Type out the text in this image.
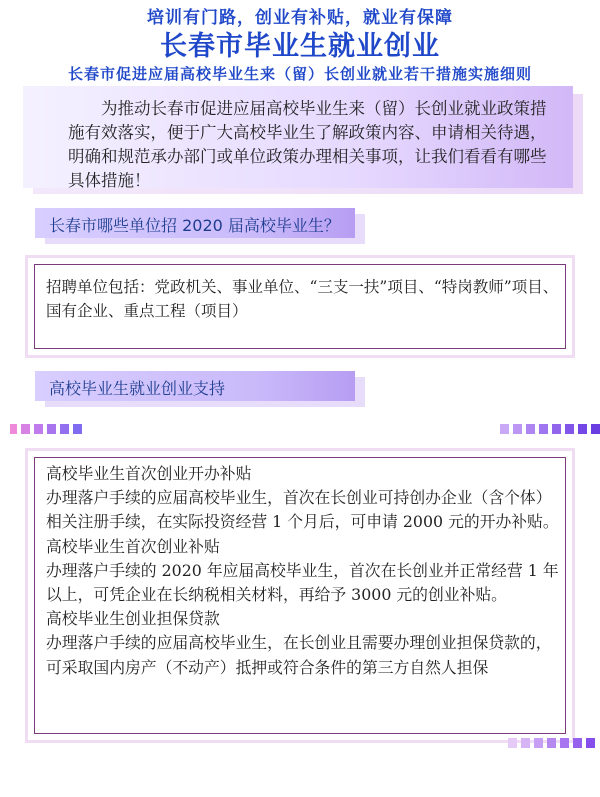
培训有门路，创业有补贴，就业有保障
长春市毕业生就业创业
长春市促进应届高校毕业生来（留）长创业就业若干措施实施细则
为推动长春市促进应届高校毕业生来（留）长创业就业政策措施有效落实，便于广大高校毕业生了解政策内容、申请相关待遇，明确和规范承办部门或单位政策办理相关事项，让我们看看有哪些具体措施！
长春市哪些单位招 2020 届高校毕业生？
招聘单位包括：党政机关、事业单位、“三支一扶”项目、“特岗教师”项目、国有企业、重点工程（项目）
高校毕业生就业创业支持
高校毕业生首次创业开办补贴
办理落户手续的应届高校毕业生，首次在长创业可持创办企业（含个体）相关注册手续，在实际投资经营 1 个月后，可申请 2000 元的开办补贴。
高校毕业生首次创业补贴
办理落户手续的 2020 年应届高校毕业生，首次在长创业并正常经营 1 年以上，可凭企业在长纳税相关材料，再给予 3000 元的创业补贴。
高校毕业生创业担保贷款
办理落户手续的应届高校毕业生，在长创业且需要办理创业担保贷款的，可采取国内房产（不动产）抵押或符合条件的第三方自然人担保
